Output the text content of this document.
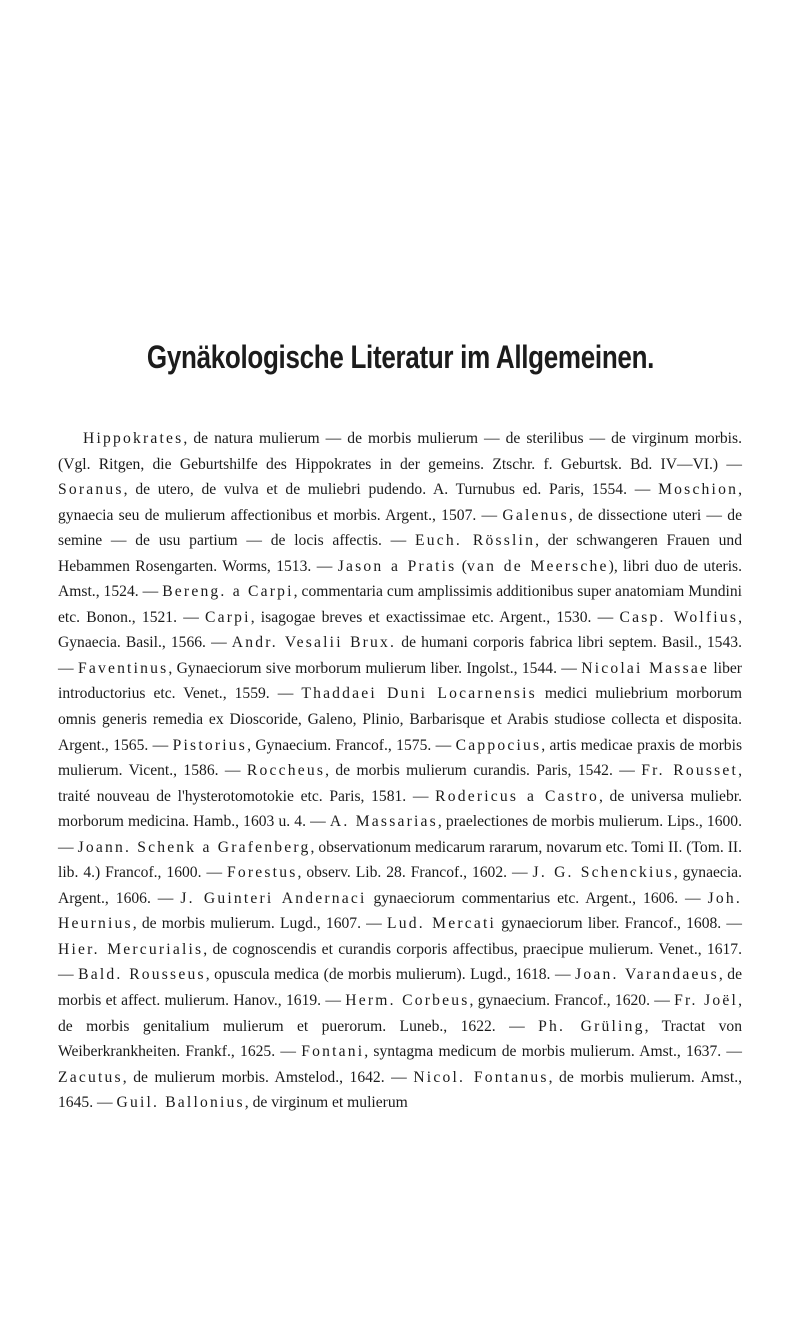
Gynäkologische Literatur im Allgemeinen.
Hippokrates, de natura mulierum — de morbis mulierum — de sterilibus — de virginum morbis. (Vgl. Ritgen, die Geburtshilfe des Hippokrates in der gemeins. Ztschr. f. Geburtsk. Bd. IV—VI.) — Soranus, de utero, de vulva et de muliebri pudendo. A. Turnubus ed. Paris, 1554. — Moschion, gynaecia seu de mulierum affectionibus et morbis. Argent., 1507. — Galenus, de dissectione uteri — de semine — de usu partium — de locis affectis. — Euch. Rösslin, der schwangeren Frauen und Hebammen Rosengarten. Worms, 1513. — Jason a Pratis (van de Meersche), libri duo de uteris. Amst., 1524. — Bereng. a Carpi, commentaria cum amplissimis additionibus super anatomiam Mundini etc. Bonon., 1521. — Carpi, isagogae breves et exactissimae etc. Argent., 1530. — Casp. Wolfius, Gynaecia. Basil., 1566. — Andr. Vesalii Brux. de humani corporis fabrica libri septem. Basil., 1543. — Faventinus, Gynaeciorum sive morborum mulierum liber. Ingolst., 1544. — Nicolai Massae liber introductorius etc. Venet., 1559. — Thaddaei Duni Locarnensis medici muliebrium morborum omnis generis remedia ex Dioscoride, Galeno, Plinio, Barbarisque et Arabis studiose collecta et disposita. Argent., 1565. — Pistorius, Gynaecium. Francof., 1575. — Cappocius, artis medicae praxis de morbis mulierum. Vicent., 1586. — Roccheus, de morbis mulierum curandis. Paris, 1542. — Fr. Rousset, traité nouveau de l'hysterotomotokie etc. Paris, 1581. — Rodericus a Castro, de universa muliebr. morborum medicina. Hamb., 1603 u. 4. — A. Massarias, praelectiones de morbis mulierum. Lips., 1600. — Joann. Schenk a Grafenberg, observationum medicarum rararum, novarum etc. Tomi II. (Tom. II. lib. 4.) Francof., 1600. — Forestus, observ. Lib. 28. Francof., 1602. — J. G. Schenckius, gynaecia. Argent., 1606. — J. Guinteri Andernaci gynaeciorum commentarius etc. Argent., 1606. — Joh. Heurnius, de morbis mulierum. Lugd., 1607. — Lud. Mercati gynaeciorum liber. Francof., 1608. — Hier. Mercurialis, de cognoscendis et curandis corporis affectibus, praecipue mulierum. Venet., 1617. — Bald. Rousseus, opuscula medica (de morbis mulierum). Lugd., 1618. — Joan. Varandaeus, de morbis et affect. mulierum. Hanov., 1619. — Herm. Corbeus, gynaecium. Francof., 1620. — Fr. Joël, de morbis genitalium mulierum et puerorum. Luneb., 1622. — Ph. Grüling, Tractat von Weiberkrankheiten. Frankf., 1625. — Fontani, syntagma medicum de morbis mulierum. Amst., 1637. — Zacutus, de mulierum morbis. Amstelod., 1642. — Nicol. Fontanus, de morbis mulierum. Amst., 1645. — Guil. Ballonius, de virginum et mulierum
